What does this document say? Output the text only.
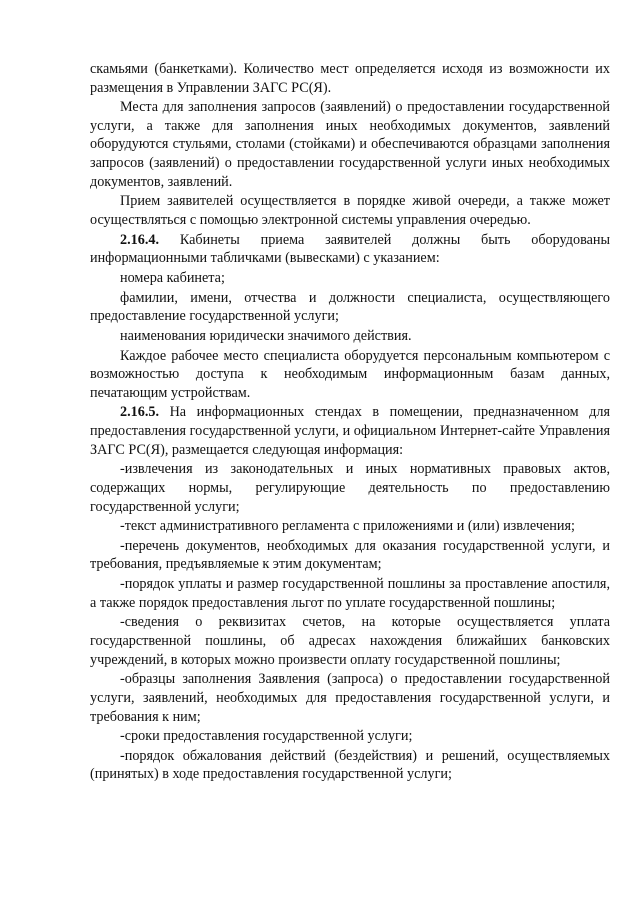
скамьями (банкетками). Количество мест определяется исходя из возможности их размещения в Управлении ЗАГС РС(Я).

Места для заполнения запросов (заявлений) о предоставлении государственной услуги, а также для заполнения иных необходимых документов, заявлений оборудуются стульями, столами (стойками) и обеспечиваются образцами заполнения запросов (заявлений) о предоставлении государственной услуги иных необходимых документов, заявлений.

Прием заявителей осуществляется в порядке живой очереди, а также может осуществляться с помощью электронной системы управления очередью.

2.16.4. Кабинеты приема заявителей должны быть оборудованы информационными табличками (вывесками) с указанием:

номера кабинета;

фамилии, имени, отчества и должности специалиста, осуществляющего предоставление государственной услуги;

наименования юридически значимого действия.

Каждое рабочее место специалиста оборудуется персональным компьютером с возможностью доступа к необходимым информационным базам данных, печатающим устройствам.

2.16.5. На информационных стендах в помещении, предназначенном для предоставления государственной услуги, и официальном Интернет-сайте Управления ЗАГС РС(Я), размещается следующая информация:

-извлечения из законодательных и иных нормативных правовых актов, содержащих нормы, регулирующие деятельность по предоставлению государственной услуги;

-текст административного регламента с приложениями и (или) извлечения;

-перечень документов, необходимых для оказания государственной услуги, и требования, предъявляемые к этим документам;

-порядок уплаты и размер государственной пошлины за проставление апостиля, а также порядок предоставления льгот по уплате государственной пошлины;

-сведения о реквизитах счетов, на которые осуществляется уплата государственной пошлины, об адресах нахождения ближайших банковских учреждений, в которых можно произвести оплату государственной пошлины;

-образцы заполнения Заявления (запроса) о предоставлении государственной услуги, заявлений, необходимых для предоставления государственной услуги, и требования к ним;

-сроки предоставления государственной услуги;

-порядок обжалования действий (бездействия) и решений, осуществляемых (принятых) в ходе предоставления государственной услуги;
